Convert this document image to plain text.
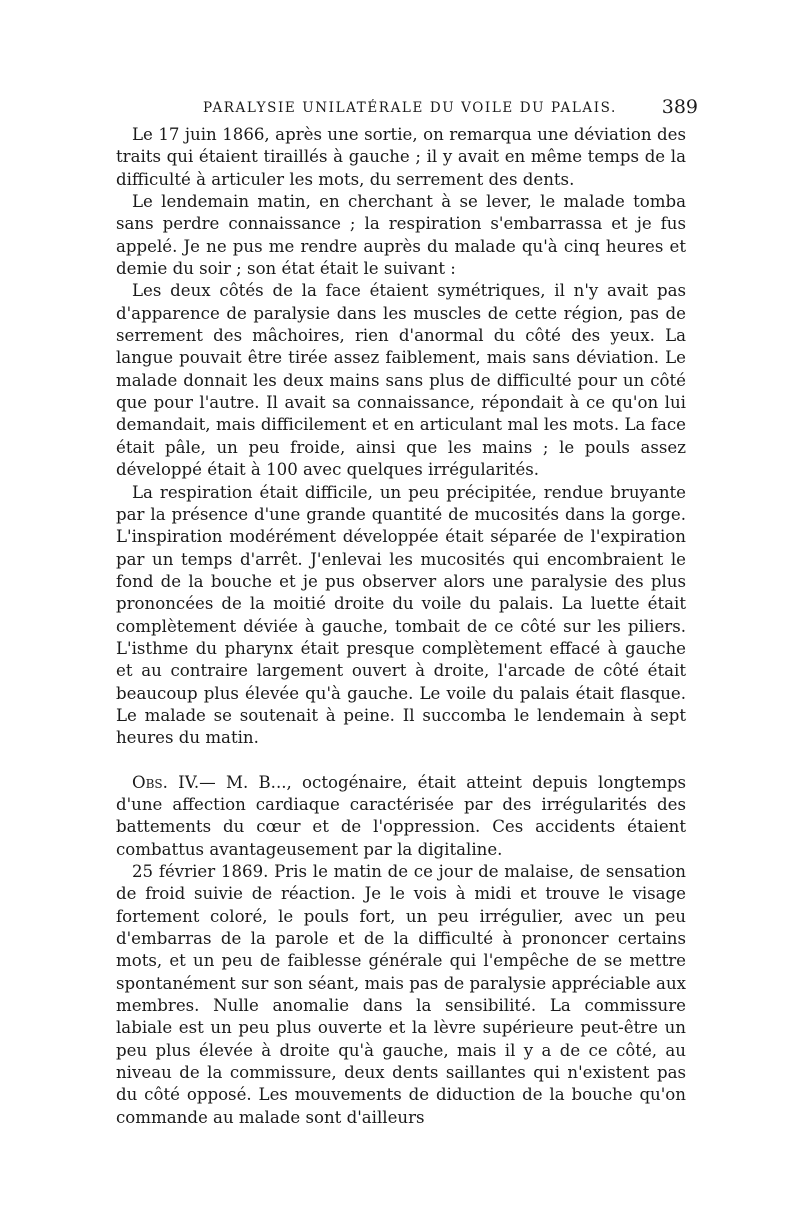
PARALYSIE UNILATÉRALE DU VOILE DU PALAIS. 389

Le 17 juin 1866, après une sortie, on remarqua une déviation des traits qui étaient tiraillés à gauche ; il y avait en même temps de la difficulté à articuler les mots, du serrement des dents.

Le lendemain matin, en cherchant à se lever, le malade tomba sans perdre connaissance ; la respiration s'embarrassa et je fus appelé. Je ne pus me rendre auprès du malade qu'à cinq heures et demie du soir ; son état était le suivant :

Les deux côtés de la face étaient symétriques, il n'y avait pas d'apparence de paralysie dans les muscles de cette région, pas de serrement des mâchoires, rien d'anormal du côté des yeux. La langue pouvait être tirée assez faiblement, mais sans déviation. Le malade donnait les deux mains sans plus de difficulté pour un côté que pour l'autre. Il avait sa connaissance, répondait à ce qu'on lui demandait, mais difficilement et en articulant mal les mots. La face était pâle, un peu froide, ainsi que les mains ; le pouls assez développé était à 100 avec quelques irrégularités.

La respiration était difficile, un peu précipitée, rendue bruyante par la présence d'une grande quantité de mucosités dans la gorge. L'inspiration modérément développée était séparée de l'expiration par un temps d'arrêt. J'enlevai les mucosités qui encombraient le fond de la bouche et je pus observer alors une paralysie des plus prononcées de la moitié droite du voile du palais. La luette était complètement déviée à gauche, tombait de ce côté sur les piliers. L'isthme du pharynx était presque complètement effacé à gauche et au contraire largement ouvert à droite, l'arcade de côté était beaucoup plus élevée qu'à gauche. Le voile du palais était flasque. Le malade se soutenait à peine. Il succomba le lendemain à sept heures du matin.

Obs. IV.— M. B..., octogénaire, était atteint depuis longtemps d'une affection cardiaque caractérisée par des irrégularités des battements du cœur et de l'oppression. Ces accidents étaient combattus avantageusement par la digitaline.

25 février 1869. Pris le matin de ce jour de malaise, de sensation de froid suivie de réaction. Je le vois à midi et trouve le visage fortement coloré, le pouls fort, un peu irrégulier, avec un peu d'embarras de la parole et de la difficulté à prononcer certains mots, et un peu de faiblesse générale qui l'empêche de se mettre spontanément sur son séant, mais pas de paralysie appréciable aux membres. Nulle anomalie dans la sensibilité. La commissure labiale est un peu plus ouverte et la lèvre supérieure peut-être un peu plus élevée à droite qu'à gauche, mais il y a de ce côté, au niveau de la commissure, deux dents saillantes qui n'existent pas du côté opposé. Les mouvements de diduction de la bouche qu'on commande au malade sont d'ailleurs
